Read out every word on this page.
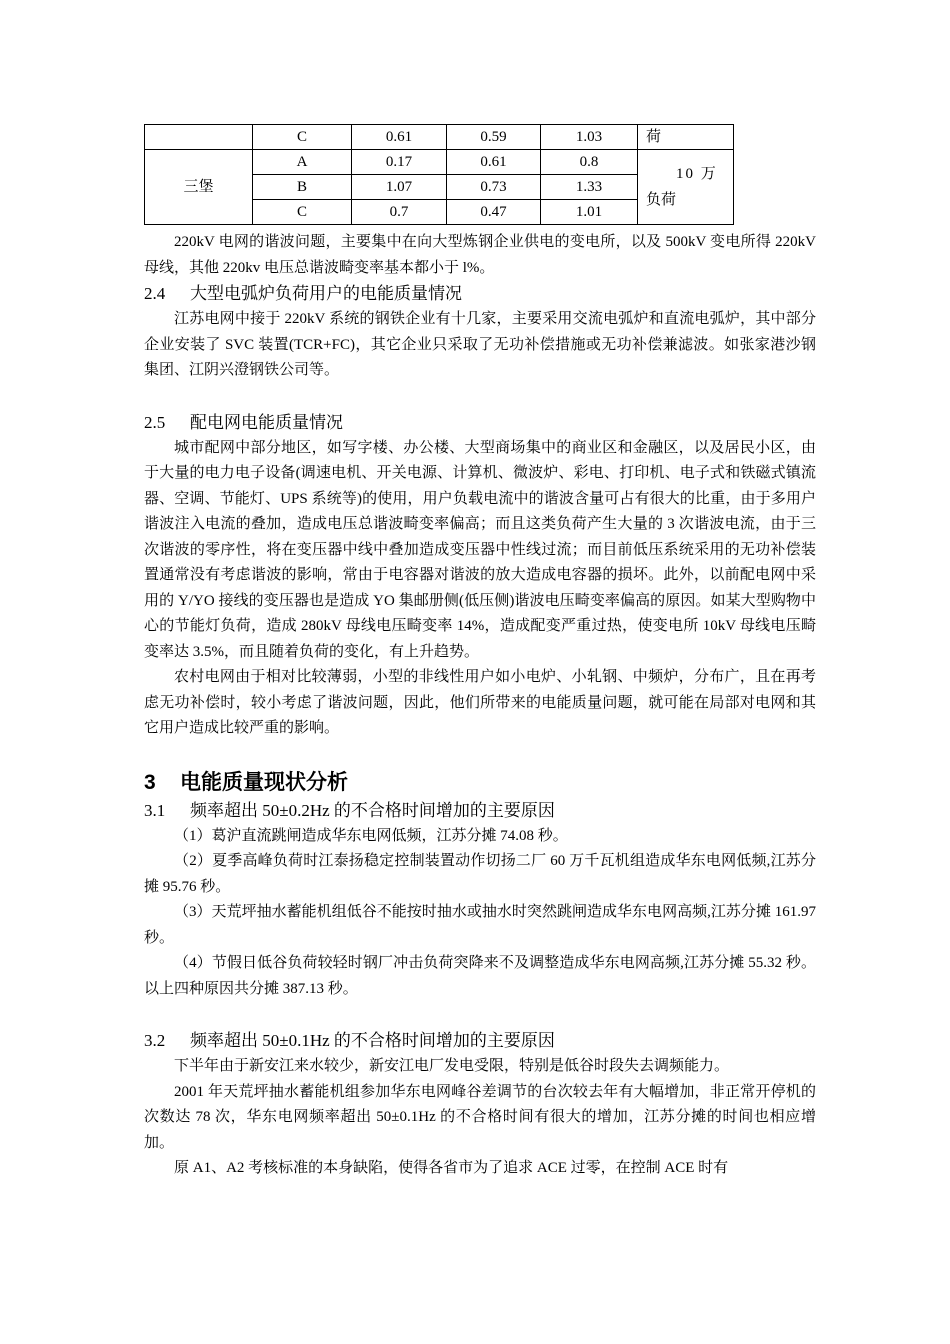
	C	0.61	0.59	1.03	荷
三堡	A	0.17	0.61	0.8	10 万
负荷

	B	1.07	0.73	1.33	
	C	0.7	0.47	1.01	

220kV 电网的谐波问题，主要集中在向大型炼钢企业供电的变电所，以及 500kV 变电所得 220kV 母线，其他 220kv 电压总谐波畸变率基本都小于 l%。

2.4 大型电弧炉负荷用户的电能质量情况

江苏电网中接于 220kV 系统的钢铁企业有十几家，主要采用交流电弧炉和直流电弧炉，其中部分企业安装了 SVC 装置(TCR+FC)，其它企业只采取了无功补偿措施或无功补偿兼滤波。如张家港沙钢集团、江阴兴澄钢铁公司等。

2.5 配电网电能质量情况

城市配网中部分地区，如写字楼、办公楼、大型商场集中的商业区和金融区，以及居民小区，由于大量的电力电子设备(调速电机、开关电源、计算机、微波炉、彩电、打印机、电子式和铁磁式镇流器、空调、节能灯、UPS 系统等)的使用，用户负载电流中的谐波含量可占有很大的比重，由于多用户谐波注入电流的叠加，造成电压总谐波畸变率偏高；而且这类负荷产生大量的 3 次谐波电流，由于三次谐波的零序性，将在变压器中线中叠加造成变压器中性线过流；而目前低压系统采用的无功补偿装置通常没有考虑谐波的影响，常由于电容器对谐波的放大造成电容器的损坏。此外，以前配电网中采用的 Y/YO 接线的变压器也是造成 YO 集邮册侧(低压侧)谐波电压畸变率偏高的原因。如某大型购物中心的节能灯负荷，造成 280kV 母线电压畸变率 14%，造成配变严重过热，使变电所 10kV 母线电压畸变率达 3.5%，而且随着负荷的变化，有上升趋势。

农村电网由于相对比较薄弱，小型的非线性用户如小电炉、小轧钢、中频炉，分布广，且在再考虑无功补偿时，较小考虑了谐波问题，因此，他们所带来的电能质量问题，就可能在局部对电网和其它用户造成比较严重的影响。

3 电能质量现状分析

3.1 频率超出 50±0.2Hz 的不合格时间增加的主要原因

（1）葛沪直流跳闸造成华东电网低频，江苏分摊 74.08 秒。

（2）夏季高峰负荷时江泰扬稳定控制装置动作切扬二厂 60 万千瓦机组造成华东电网低频,江苏分摊 95.76 秒。

（3）天荒坪抽水蓄能机组低谷不能按时抽水或抽水时突然跳闸造成华东电网高频,江苏分摊 161.97 秒。

（4）节假日低谷负荷较轻时钢厂冲击负荷突降来不及调整造成华东电网高频,江苏分摊 55.32 秒。以上四种原因共分摊 387.13 秒。

3.2 频率超出 50±0.1Hz 的不合格时间增加的主要原因

下半年由于新安江来水较少，新安江电厂发电受限，特别是低谷时段失去调频能力。

2001 年天荒坪抽水蓄能机组参加华东电网峰谷差调节的台次较去年有大幅增加，非正常开停机的次数达 78 次，华东电网频率超出 50±0.1Hz 的不合格时间有很大的增加，江苏分摊的时间也相应增加。

原 A1、A2 考核标准的本身缺陷，使得各省市为了追求 ACE 过零，在控制 ACE 时有
